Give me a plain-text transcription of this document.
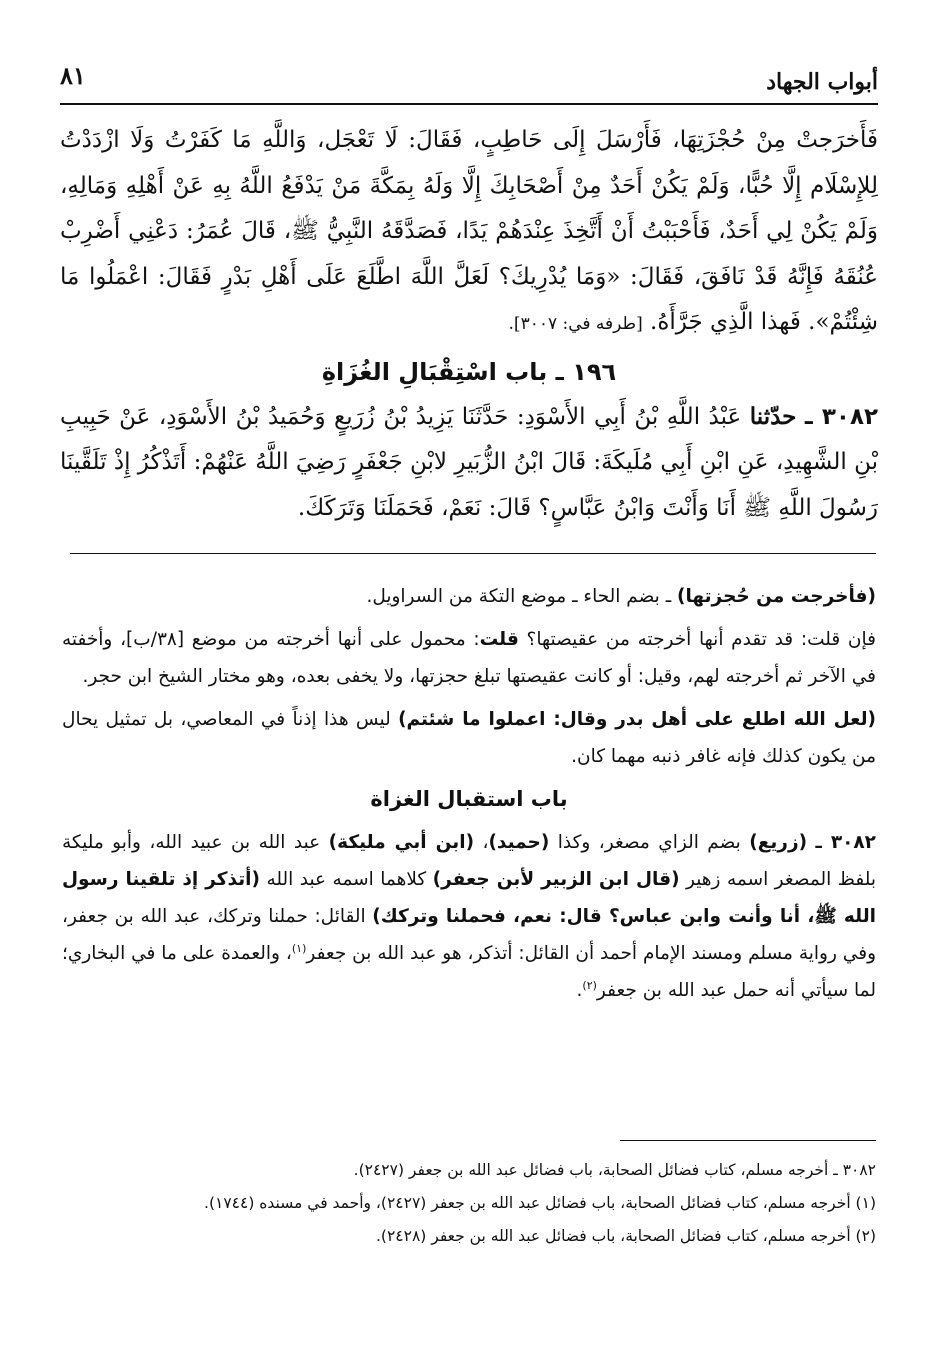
أبواب الجهاد
٨١

فَأَخرَجتْ مِنْ حُجْزَتِهَا، فَأَرْسَلَ إِلَى حَاطِبٍ، فَقَالَ: لَا تَعْجَل، وَاللَّهِ مَا كَفَرْتُ وَلَا ازْدَدْتُ لِلإِسْلَام إِلَّا حُبًّا، وَلَمْ يَكُنْ أَحَدٌ مِنْ أَصْحَابِكَ إِلَّا وَلَهُ بِمَكَّةَ مَنْ يَدْفَعُ اللَّهُ بِهِ عَنْ أَهْلِهِ وَمَالِهِ، وَلَمْ يَكُنْ لِي أَحَدٌ، فَأَحْبَبْتُ أَنْ أَتَّخِذَ عِنْدَهُمْ يَدًا، فَصَدَّقَهُ النَّبِيُّ ﷺ، قَالَ عُمَرُ: دَعْنِي أَضْرِبْ عُنُقَهُ فَإِنَّهُ قَدْ نَافَقَ، فَقَالَ: «وَمَا يُدْرِيكَ؟ لَعَلَّ اللَّهَ اطَّلَعَ عَلَى أَهْلِ بَدْرٍ فَقَالَ: اعْمَلُوا مَا شِئْتُمْ». فَهذا الَّذِي جَرَّأَهُ. [طرفه في: ٣٠٠٧].

١٩٦ ـ باب اسْتِقْبَالِ الغُزَاةِ

٣٠٨٢ ـ حدّثنا عَبْدُ اللَّهِ بْنُ أَبِي الأَسْوَدِ: حَدَّثَنَا يَزِيدُ بْنُ زُرَيعٍ وَحُمَيدُ بْنُ الأَسْوَدِ، عَنْ حَبِيبِ بْنِ الشَّهِيدِ، عَنِ ابْنِ أَبِي مُلَيكَةَ: قَالَ ابْنُ الزُّبَيرِ لابْنِ جَعْفَرٍ رَضِيَ اللَّهُ عَنْهُمْ: أَتَذْكُرُ إِذْ تَلَقَّينَا رَسُولَ اللَّهِ ﷺ أَنَا وَأَنْتَ وَابْنُ عَبَّاسٍ؟ قَالَ: نَعَمْ، فَحَمَلَنَا وَتَرَكَكَ.

(فأخرجت من حُجزتها) ـ بضم الحاء ـ موضع التكة من السراويل.

فإن قلت: قد تقدم أنها أخرجته من عقيصتها؟ قلت: محمول على أنها أخرجته من موضع [٣٨/ب]، وأخفته في الآخر ثم أخرجته لهم، وقيل: أو كانت عقيصتها تبلغ حجزتها، ولا يخفى بعده، وهو مختار الشيخ ابن حجر.

(لعل الله اطلع على أهل بدر وقال: اعملوا ما شئتم) ليس هذا إذناً في المعاصي، بل تمثيل يحال من يكون كذلك فإنه غافر ذنبه مهما كان.

باب استقبال الغزاة

٣٠٨٢ ـ (زريع) بضم الزاي مصغر، وكذا (حميد)، (ابن أبي مليكة) عبد الله بن عبيد الله، وأبو مليكة بلفظ المصغر اسمه زهير (قال ابن الزبير لأبن جعفر) كلاهما اسمه عبد الله (أتذكر إذ تلقينا رسول الله ﷺ، أنا وأنت وابن عباس؟ قال: نعم، فحملنا وتركك) القائل: حملنا وتركك، عبد الله بن جعفر، وفي رواية مسلم ومسند الإمام أحمد أن القائل: أتذكر، هو عبد الله بن جعفر$^{(١)}$، والعمدة على ما في البخاري؛ لما سيأتي أنه حمل عبد الله بن جعفر$^{(٢)}$.

٣٠٨٢ ـ أخرجه مسلم، كتاب فضائل الصحابة، باب فضائل عبد الله بن جعفر (٢٤٢٧).

(١) أخرجه مسلم، كتاب فضائل الصحابة، باب فضائل عبد الله بن جعفر (٢٤٢٧)، وأحمد في مسنده (١٧٤٤).

(٢) أخرجه مسلم، كتاب فضائل الصحابة، باب فضائل عبد الله بن جعفر (٢٤٢٨).
